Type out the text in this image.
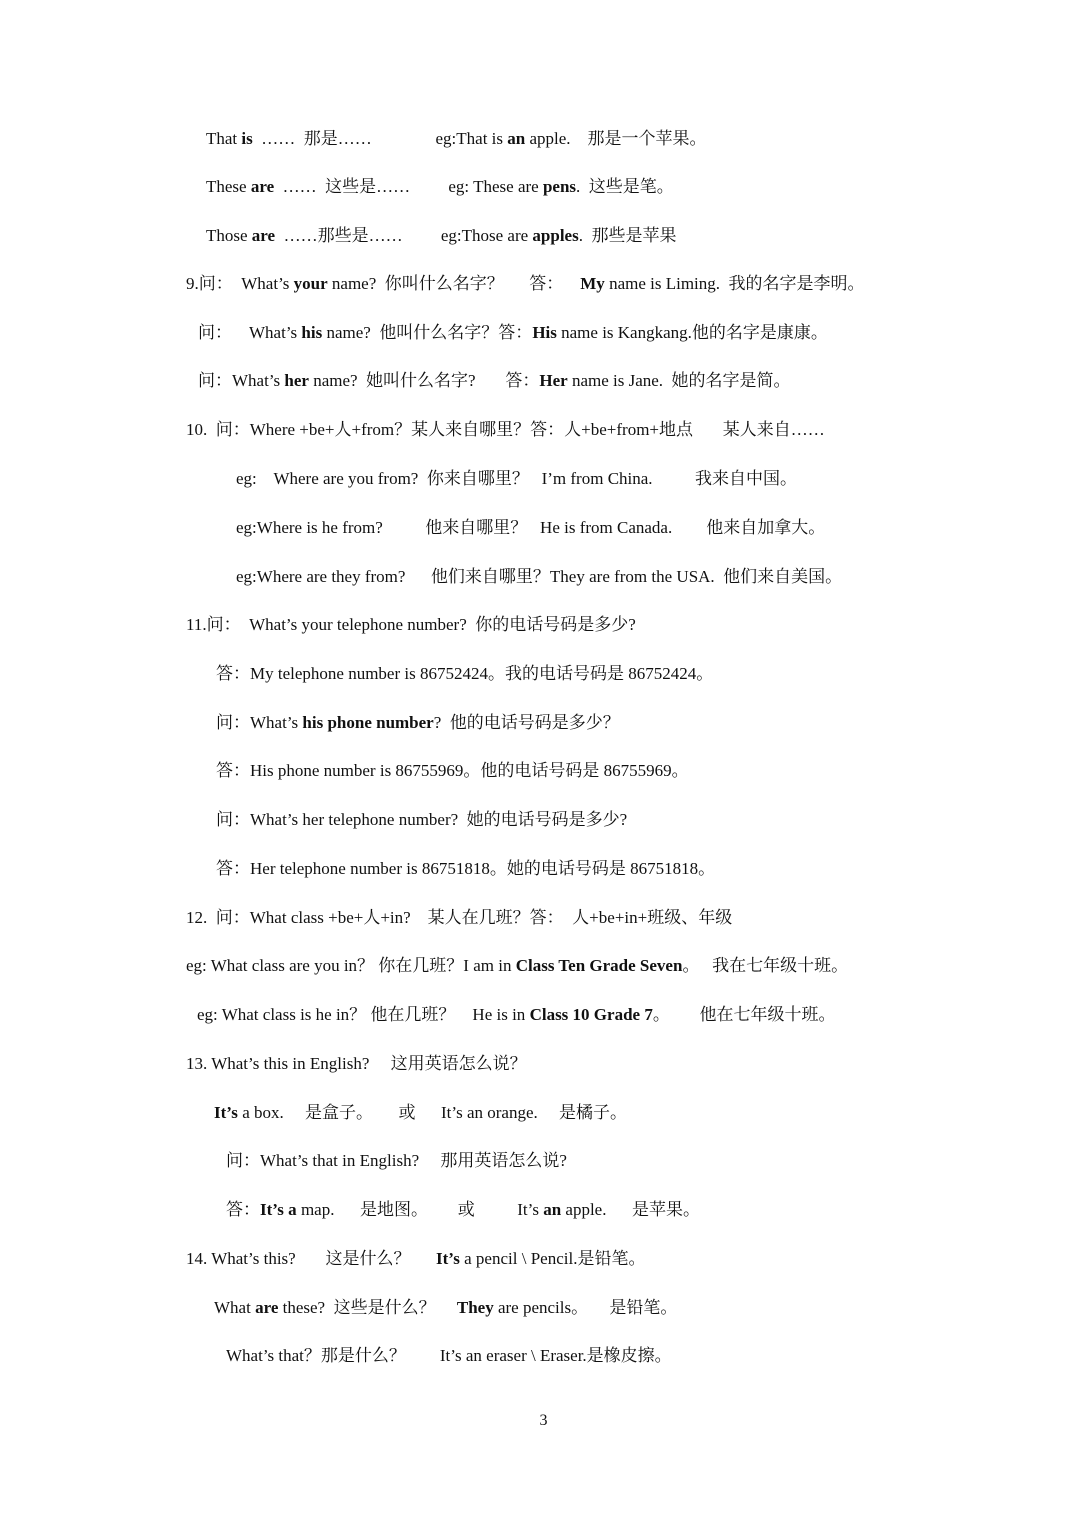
That is  ……  那是……               eg:That is an apple.    那是一个苹果。
These are  ……  这些是……         eg: These are pens.  这些是笔。
Those are  ……那些是……         eg:Those are apples.  那些是苹果
9.问：  What’s your name?  你叫什么名字？      答：    My name is Liming.  我的名字是李明。
问：    What’s his name?  他叫什么名字？答：His name is Kangkang.他的名字是康康。
问：What’s her name?  她叫什么名字?       答：Her name is Jane.  她的名字是简。
10.  问：Where +be+人+from？某人来自哪里？答：人+be+from+地点       某人来自……
eg:    Where are you from?  你来自哪里？   I’m from China.          我来自中国。
eg:Where is he from?          他来自哪里？   He is from Canada.        他来自加拿大。
eg:Where are they from?      他们来自哪里？They are from the USA.  他们来自美国。
11.问：  What’s your telephone number?  你的电话号码是多少?
答：My telephone number is 86752424。我的电话号码是 86752424。
问：What’s his phone number?  他的电话号码是多少？
答：His phone number is 86755969。他的电话号码是 86755969。
问：What’s her telephone number?  她的电话号码是多少?
答：Her telephone number is 86751818。她的电话号码是 86751818。
12.  问：What class +be+人+in?    某人在几班？答：  人+be+in+班级、年级
eg: What class are you in？ 你在几班？I am in Class Ten Grade Seven。   我在七年级十班。
eg: What class is he in？ 他在几班？    He is in Class 10 Grade 7。       他在七年级十班。
13. What’s this in English?     这用英语怎么说？
It’s a box.     是盒子。      或      It’s an orange.     是橘子。
问：What’s that in English?     那用英语怎么说?
答：It’s a map.      是地图。       或          It’s an apple.      是苹果。
14. What’s this?       这是什么？      It’s a pencil \ Pencil.是铅笔。
What are these?  这些是什么？     They are pencils。     是铅笔。
What’s that？那是什么？        It’s an eraser \ Eraser.是橡皮擦。
3
